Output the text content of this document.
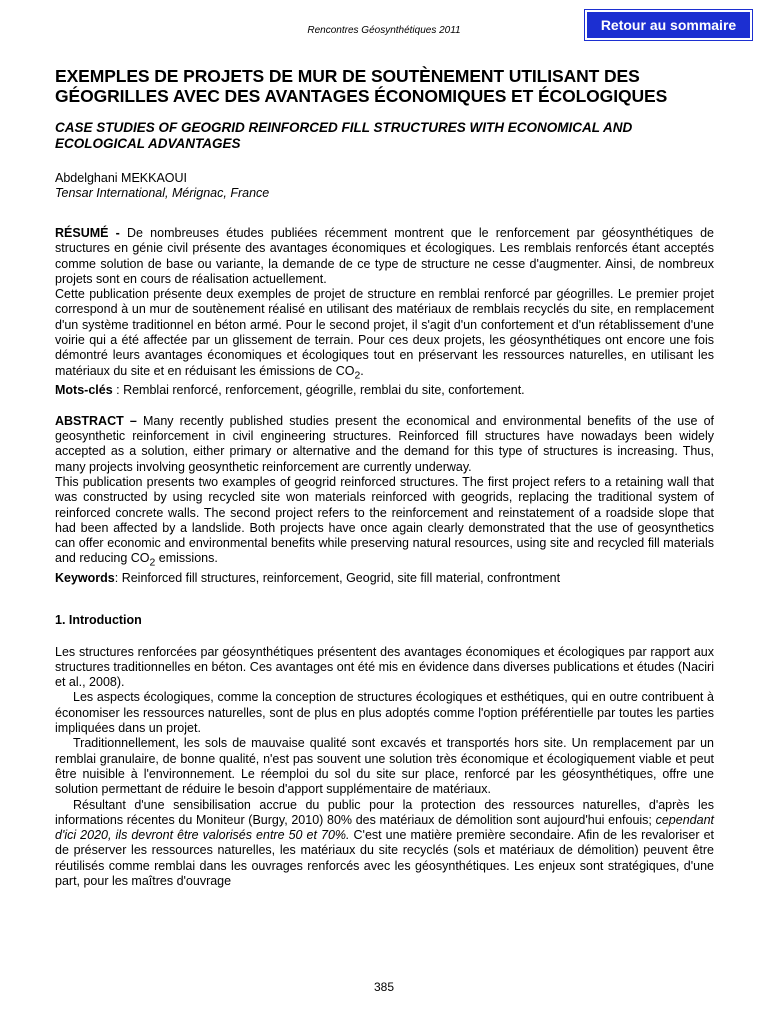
Rencontres Géosynthétiques 2011	Retour au sommaire
EXEMPLES DE PROJETS DE MUR DE SOUTÈNEMENT UTILISANT DES GÉOGRILLES AVEC DES AVANTAGES ÉCONOMIQUES ET ÉCOLOGIQUES
CASE STUDIES OF GEOGRID REINFORCED FILL STRUCTURES WITH ECONOMICAL AND ECOLOGICAL ADVANTAGES
Abdelghani MEKKAOUI
Tensar International, Mérignac, France

RÉSUMÉ - De nombreuses études publiées récemment montrent que le renforcement par géosynthétiques de structures en génie civil présente des avantages économiques et écologiques. Les remblais renforcés étant acceptés comme solution de base ou variante, la demande de ce type de structure ne cesse d'augmenter. Ainsi, de nombreux projets sont en cours de réalisation actuellement.

Cette publication présente deux exemples de projet de structure en remblai renforcé par géogrilles. Le premier projet correspond à un mur de soutènement réalisé en utilisant des matériaux de remblais recyclés du site, en remplacement d'un système traditionnel en béton armé. Pour le second projet, il s'agit d'un confortement et d'un rétablissement d'une voirie qui a été affectée par un glissement de terrain. Pour ces deux projets, les géosynthétiques ont encore une fois démontré leurs avantages économiques et écologiques tout en préservant les ressources naturelles, en utilisant les matériaux du site et en réduisant les émissions de $CO_2$.

Mots-clés : Remblai renforcé, renforcement, géogrille, remblai du site, confortement.

ABSTRACT – Many recently published studies present the economical and environmental benefits of the use of geosynthetic reinforcement in civil engineering structures. Reinforced fill structures have nowadays been widely accepted as a solution, either primary or alternative and the demand for this type of structures is increasing. Thus, many projects involving geosynthetic reinforcement are currently underway.

This publication presents two examples of geogrid reinforced structures. The first project refers to a retaining wall that was constructed by using recycled site won materials reinforced with geogrids, replacing the traditional system of reinforced concrete walls. The second project refers to the reinforcement and reinstatement of a roadside slope that had been affected by a landslide. Both projects have once again clearly demonstrated that the use of geosynthetics can offer economic and environmental benefits while preserving natural resources, using site and recycled fill materials and reducing $CO_2$ emissions.

Keywords: Reinforced fill structures, reinforcement, Geogrid, site fill material, confrontment

1. Introduction

Les structures renforcées par géosynthétiques présentent des avantages économiques et écologiques par rapport aux structures traditionnelles en béton. Ces avantages ont été mis en évidence dans diverses publications et études (Naciri et al., 2008).

Les aspects écologiques, comme la conception de structures écologiques et esthétiques, qui en outre contribuent à économiser les ressources naturelles, sont de plus en plus adoptés comme l'option préférentielle par toutes les parties impliquées dans un projet.

Traditionnellement, les sols de mauvaise qualité sont excavés et transportés hors site. Un remplacement par un remblai granulaire, de bonne qualité, n'est pas souvent une solution très économique et écologiquement viable et peut être nuisible à l'environnement. Le réemploi du sol du site sur place, renforcé par les géosynthétiques, offre une solution permettant de réduire le besoin d'apport supplémentaire de matériaux.

Résultant d'une sensibilisation accrue du public pour la protection des ressources naturelles, d'après les informations récentes du Moniteur (Burgy, 2010) 80% des matériaux de démolition sont aujourd'hui enfouis; cependant d'ici 2020, ils devront être valorisés entre 50 et 70%. C'est une matière première secondaire. Afin de les revaloriser et de préserver les ressources naturelles, les matériaux du site recyclés (sols et matériaux de démolition) peuvent être réutilisés comme remblai dans les ouvrages renforcés avec les géosynthétiques. Les enjeux sont stratégiques, d'une part, pour les maîtres d'ouvrage

385
